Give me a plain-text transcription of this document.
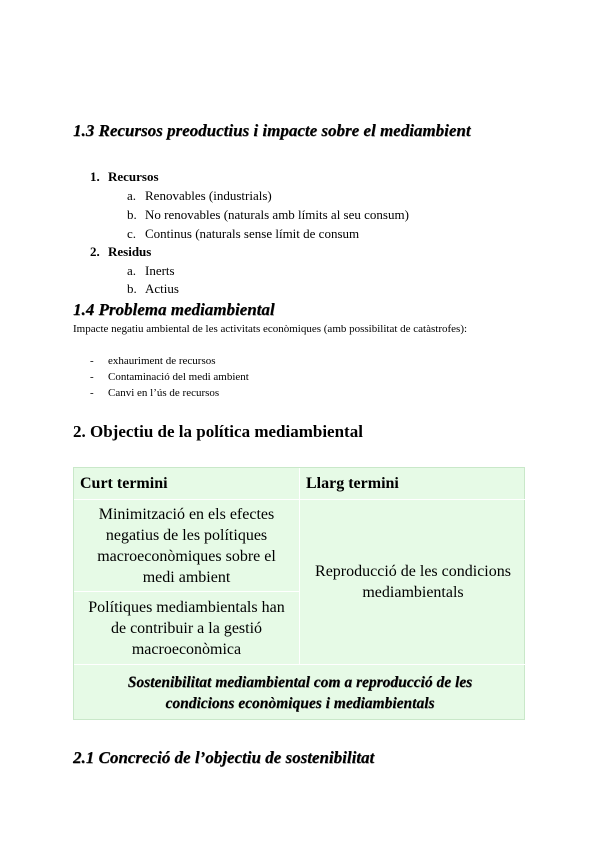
1.3 Recursos preoductius i impacte sobre el mediambient
1. Recursos
a. Renovables (industrials)
b. No renovables (naturals amb límits al seu consum)
c. Continus (naturals sense límit de consum
2. Residus
a. Inerts
b. Actius
1.4 Problema mediambiental
Impacte negatiu ambiental de les activitats econòmiques (amb possibilitat de catàstrofes):
- exhauriment de recursos
- Contaminació del medi ambient
- Canvi en l’ús de recursos
2. Objectiu de la política mediambiental
Curt termini	Llarg termini
Minimització en els efectes negatius de les polítiques macroeconòmiques sobre el medi ambient
Polítiques mediambientals han de contribuir a la gestió macroeconòmica
Reproducció de les condicions mediambientals
Sostenibilitat mediambiental com a reproducció de les condicions econòmiques i mediambientals
2.1 Concreció de l’objectiu de sostenibilitat
